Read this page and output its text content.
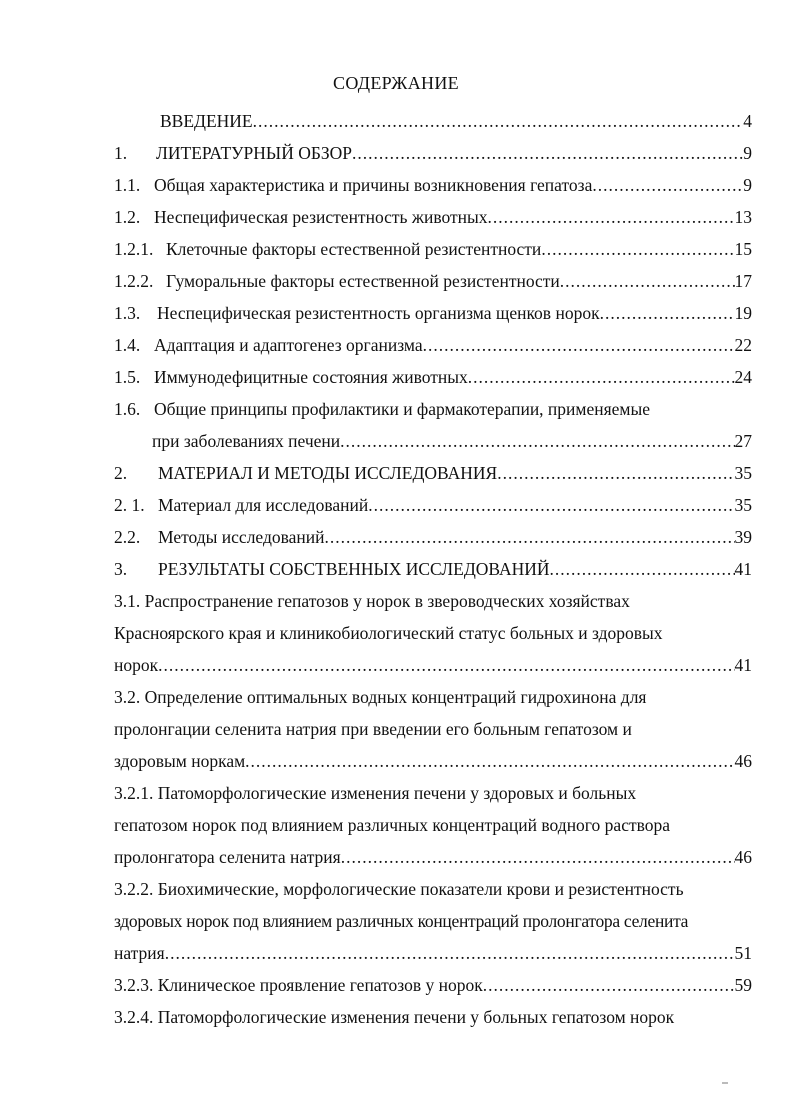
СОДЕРЖАНИЕ
ВВЕДЕНИЕ .....	4
1. ЛИТЕРАТУРНЫЙ ОБЗОР .....	9
1.1. Общая характеристика и причины возникновения гепатоза .....	9
1.2. Неспецифическая резистентность животных .....	13
1.2.1. Клеточные факторы естественной резистентности .....	15
1.2.2. Гуморальные факторы естественной резистентности .....	17
1.3. Неспецифическая резистентность организма щенков норок .....	19
1.4. Адаптация и адаптогенез организма .....	22
1.5. Иммунодефицитные состояния животных .....	24
1.6. Общие принципы профилактики и фармакотерапии, применяемые
при заболеваниях печени .....	27
2. МАТЕРИАЛ И МЕТОДЫ ИССЛЕДОВАНИЯ .....	35
2. 1. Материал для исследований .....	35
2.2. Методы исследований .....	39
3. РЕЗУЛЬТАТЫ СОБСТВЕННЫХ ИССЛЕДОВАНИЙ .....	41
3.1. Распространение гепатозов у норок в звероводческих хозяйствах
Красноярского края и клиникобиологический статус больных и здоровых
норок .....	41
3.2. Определение оптимальных водных концентраций гидрохинона для
пролонгации селенита натрия при введении его больным гепатозом и
здоровым норкам .....	46
3.2.1. Патоморфологические изменения печени у здоровых и больных
гепатозом норок под влиянием различных концентраций водного раствора
пролонгатора селенита натрия .....	46
3.2.2. Биохимические, морфологические показатели крови и резистентность
здоровых норок под влиянием различных концентраций пролонгатора селенита
натрия .....	51
3.2.3. Клиническое проявление гепатозов у норок .....	59
3.2.4. Патоморфологические изменения печени у больных гепатозом норок
